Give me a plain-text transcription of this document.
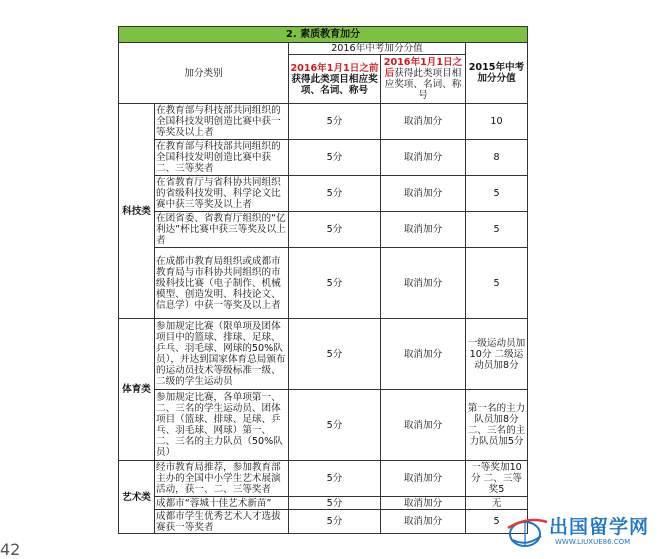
2. 素质教育加分				
加分类别		2016年中考加分分值		2015年中考加分分值
		2016年1月1日之前获得此类项目相应奖项、名词、称号	2016年1月1日之后获得此类项目相应奖项、名词、称号	
科技类	在教育部与科技部共同组织的全国科技发明创造比赛中获一等奖及以上者	5分	取消加分	10
	在教育部与科技部共同组织的全国科技发明创造比赛中获二、三等奖者	5分	取消加分	8
	在省教育厅与省科协共同组织的省级科技发明、科学论文比赛中获三等奖及以上者	5分	取消加分	5
	在团省委、省教育厅组织的“亿利达”杯比赛中获三等奖及以上者	5分	取消加分	5
	在成都市教育局组织或成都市教育局与市科协共同组织的市级科技比赛（电子制作、机械模型、创造发明、科技论文、信息学）中获一等奖及以上者	5分	取消加分	5
体育类	参加规定比赛（限单项及团体项目中的篮球、排球、足球、乒乓、羽毛球、网球的50%队员），并达到国家体育总局颁布的运动员技术等级标准一级、二级的学生运动员	5分	取消加分	一级运动员加10分 二级运动员加8分
	参加规定比赛，各单项第一、二、三名的学生运动员、团体项目（篮球、排球、足球、乒乓、羽毛球、网球）第一、二、三名的主力队员（50%队员）	5分	取消加分	第一名的主力队员加8分 二、三名的主力队员加5分
艺术类	经市教育局推荐，参加教育部主办的全国中小学生艺术展演活动，获一、二、三等奖者	5分	取消加分	一等奖加10分 二、三等奖5
	成都市“蓉城十佳艺术新苗”	5分	取消加分	无
	成都市学生优秀艺术人才选拔赛获一等奖者	5分	取消加分	5
42
出国留学网
WWW.LIUXUE86.COM
